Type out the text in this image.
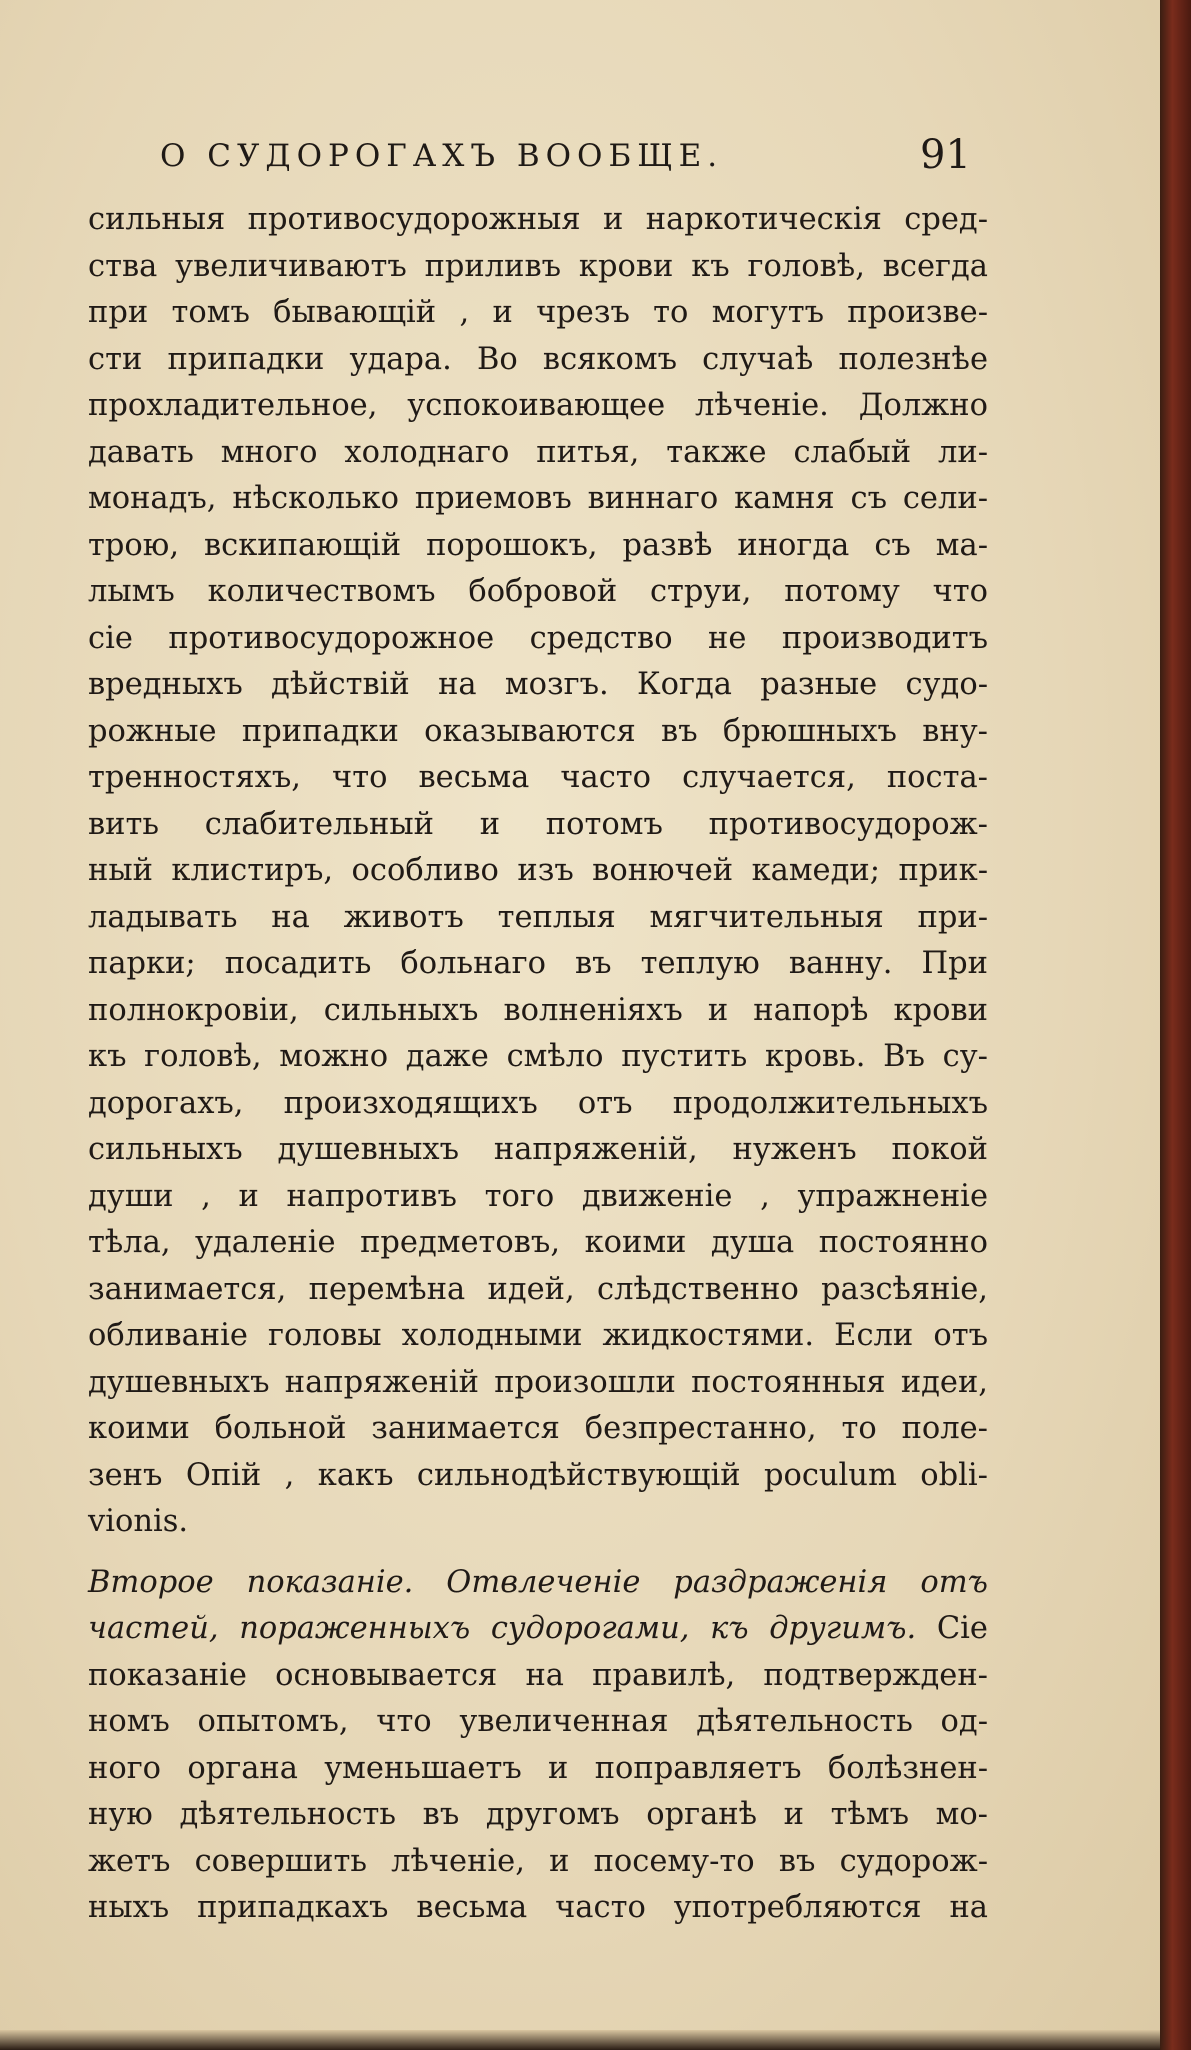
О СУДОРОГАХЪ ВООБЩЕ.	91
сильныя противосудорожныя и наркотическія сред-
ства увеличиваютъ приливъ крови къ головѣ, всегда
при томъ бывающій , и чрезъ то могутъ произве-
сти припадки удара. Во всякомъ случаѣ полезнѣе
прохладительное, успокоивающее лѣченіе. Должно
давать много холоднаго питья, также слабый ли-
монадъ, нѣсколько приемовъ виннаго камня съ сели-
трою, вскипающій порошокъ, развѣ иногда съ ма-
лымъ количествомъ бобровой струи, потому что
сіе противосудорожное средство не производитъ
вредныхъ дѣйствій на мозгъ. Когда разные судо-
рожные припадки оказываются въ брюшныхъ вну-
тренностяхъ, что весьма часто случается, поста-
вить слабительный и потомъ противосудорож-
ный клистиръ, особливо изъ вонючей камеди; прик-
ладывать на животъ теплыя мягчительныя при-
парки; посадить больнаго въ теплую ванну. При
полнокровіи, сильныхъ волненіяхъ и напорѣ крови
къ головѣ, можно даже смѣло пустить кровь. Въ су-
дорогахъ, произходящихъ отъ продолжительныхъ
сильныхъ душевныхъ напряженій, нуженъ покой
души , и напротивъ того движеніе , упражненіе
тѣла, удаленіе предметовъ, коими душа постоянно
занимается, перемѣна идей, слѣдственно разсѣяніе,
обливаніе головы холодными жидкостями. Если отъ
душевныхъ напряженій произошли постоянныя идеи,
коими больной занимается безпрестанно, то поле-
зенъ Опій , какъ сильнодѣйствующій poculum obli-
vionis.
Второе показаніе. Отвлеченіе раздраженія отъ
частей, пораженныхъ судорогами, къ другимъ. Сіе
показаніе основывается на правилѣ, подтвержден-
номъ опытомъ, что увеличенная дѣятельность од-
ного органа уменьшаетъ и поправляетъ болѣзнен-
ную дѣятельность въ другомъ органѣ и тѣмъ мо-
жетъ совершить лѣченіе, и посему-то въ судорож-
ныхъ припадкахъ весьма часто употребляются на
